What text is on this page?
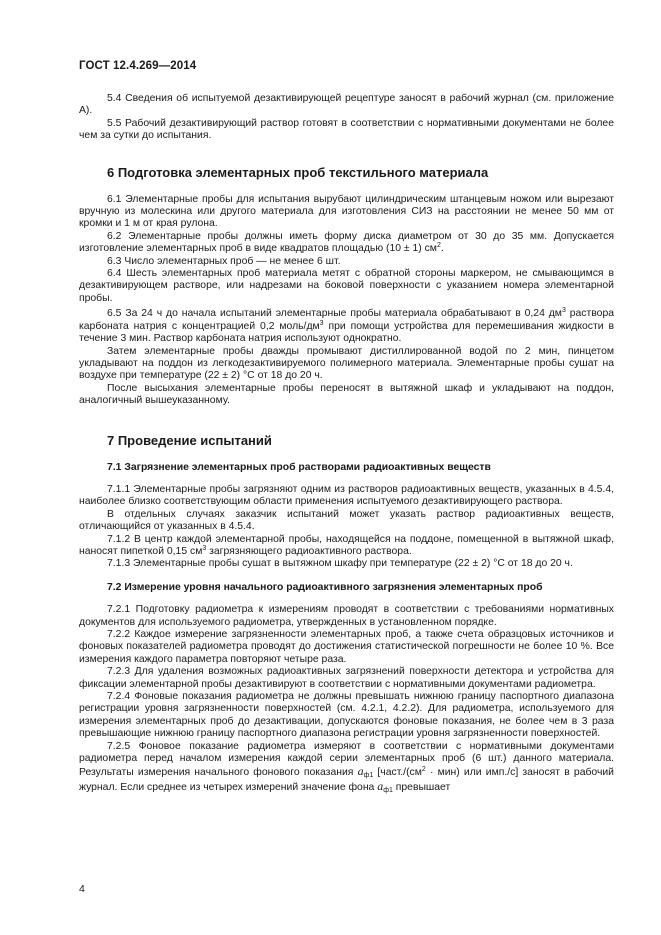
ГОСТ 12.4.269—2014

5.4 Сведения об испытуемой дезактивирующей рецептуре заносят в рабочий журнал (см. приложение А).

5.5 Рабочий дезактивирующий раствор готовят в соответствии с нормативными документами не более чем за сутки до испытания.

6 Подготовка элементарных проб текстильного материала

6.1 Элементарные пробы для испытания вырубают цилиндрическим штанцевым ножом или вырезают вручную из молескина или другого материала для изготовления СИЗ на расстоянии не менее 50 мм от кромки и 1 м от края рулона.

6.2 Элементарные пробы должны иметь форму диска диаметром от 30 до 35 мм. Допускается изготовление элементарных проб в виде квадратов площадью (10 ± 1) $см^2$.

6.3 Число элементарных проб — не менее 6 шт.

6.4 Шесть элементарных проб материала метят с обратной стороны маркером, не смывающимся в дезактивирующем растворе, или надрезами на боковой поверхности с указанием номера элементарной пробы.

6.5 За 24 ч до начала испытаний элементарные пробы материала обрабатывают в 0,24 $дм^3$ раствора карбоната натрия с концентрацией 0,2 моль/$дм^3$ при помощи устройства для перемешивания жидкости в течение 3 мин. Раствор карбоната натрия используют однократно.

Затем элементарные пробы дважды промывают дистиллированной водой по 2 мин, пинцетом укладывают на поддон из легкодезактивируемого полимерного материала. Элементарные пробы сушат на воздухе при температуре (22 ± 2) °С от 18 до 20 ч.

После высыхания элементарные пробы переносят в вытяжной шкаф и укладывают на поддон, аналогичный вышеуказанному.

7 Проведение испытаний
7.1 Загрязнение элементарных проб растворами радиоактивных веществ

7.1.1 Элементарные пробы загрязняют одним из растворов радиоактивных веществ, указанных в 4.5.4, наиболее близко соответствующим области применения испытуемого дезактивирующего раствора.

В отдельных случаях заказчик испытаний может указать раствор радиоактивных веществ, отличающийся от указанных в 4.5.4.

7.1.2 В центр каждой элементарной пробы, находящейся на поддоне, помещенной в вытяжной шкаф, наносят пипеткой 0,15 $см^3$ загрязняющего радиоактивного раствора.

7.1.3 Элементарные пробы сушат в вытяжном шкафу при температуре (22 ± 2) °С от 18 до 20 ч.

7.2 Измерение уровня начального радиоактивного загрязнения элементарных проб

7.2.1 Подготовку радиометра к измерениям проводят в соответствии с требованиями нормативных документов для используемого радиометра, утвержденных в установленном порядке.

7.2.2 Каждое измерение загрязненности элементарных проб, а также счета образцовых источников и фоновых показателей радиометра проводят до достижения статистической погрешности не более 10 %. Все измерения каждого параметра повторяют четыре раза.

7.2.3 Для удаления возможных радиоактивных загрязнений поверхности детектора и устройства для фиксации элементарной пробы дезактивируют в соответствии с нормативными документами радиометра.

7.2.4 Фоновые показания радиометра не должны превышать нижнюю границу паспортного диапазона регистрации уровня загрязненности поверхностей (см. 4.2.1, 4.2.2). Для радиометра, используемого для измерения элементарных проб до дезактивации, допускаются фоновые показания, не более чем в 3 раза превышающие нижнюю границу паспортного диапазона регистрации уровня загрязненности поверхностей.

7.2.5 Фоновое показание радиометра измеряют в соответствии с нормативными документами радиометра перед началом измерения каждой серии элементарных проб (6 шт.) данного материала. Результаты измерения начального фонового показания $a_{ф1}$ [$част./(см^2 \cdot мин)$ или имп./с] заносят в рабочий журнал. Если среднее из четырех измерений значение фона $a_{ф1}$ превышает

4
